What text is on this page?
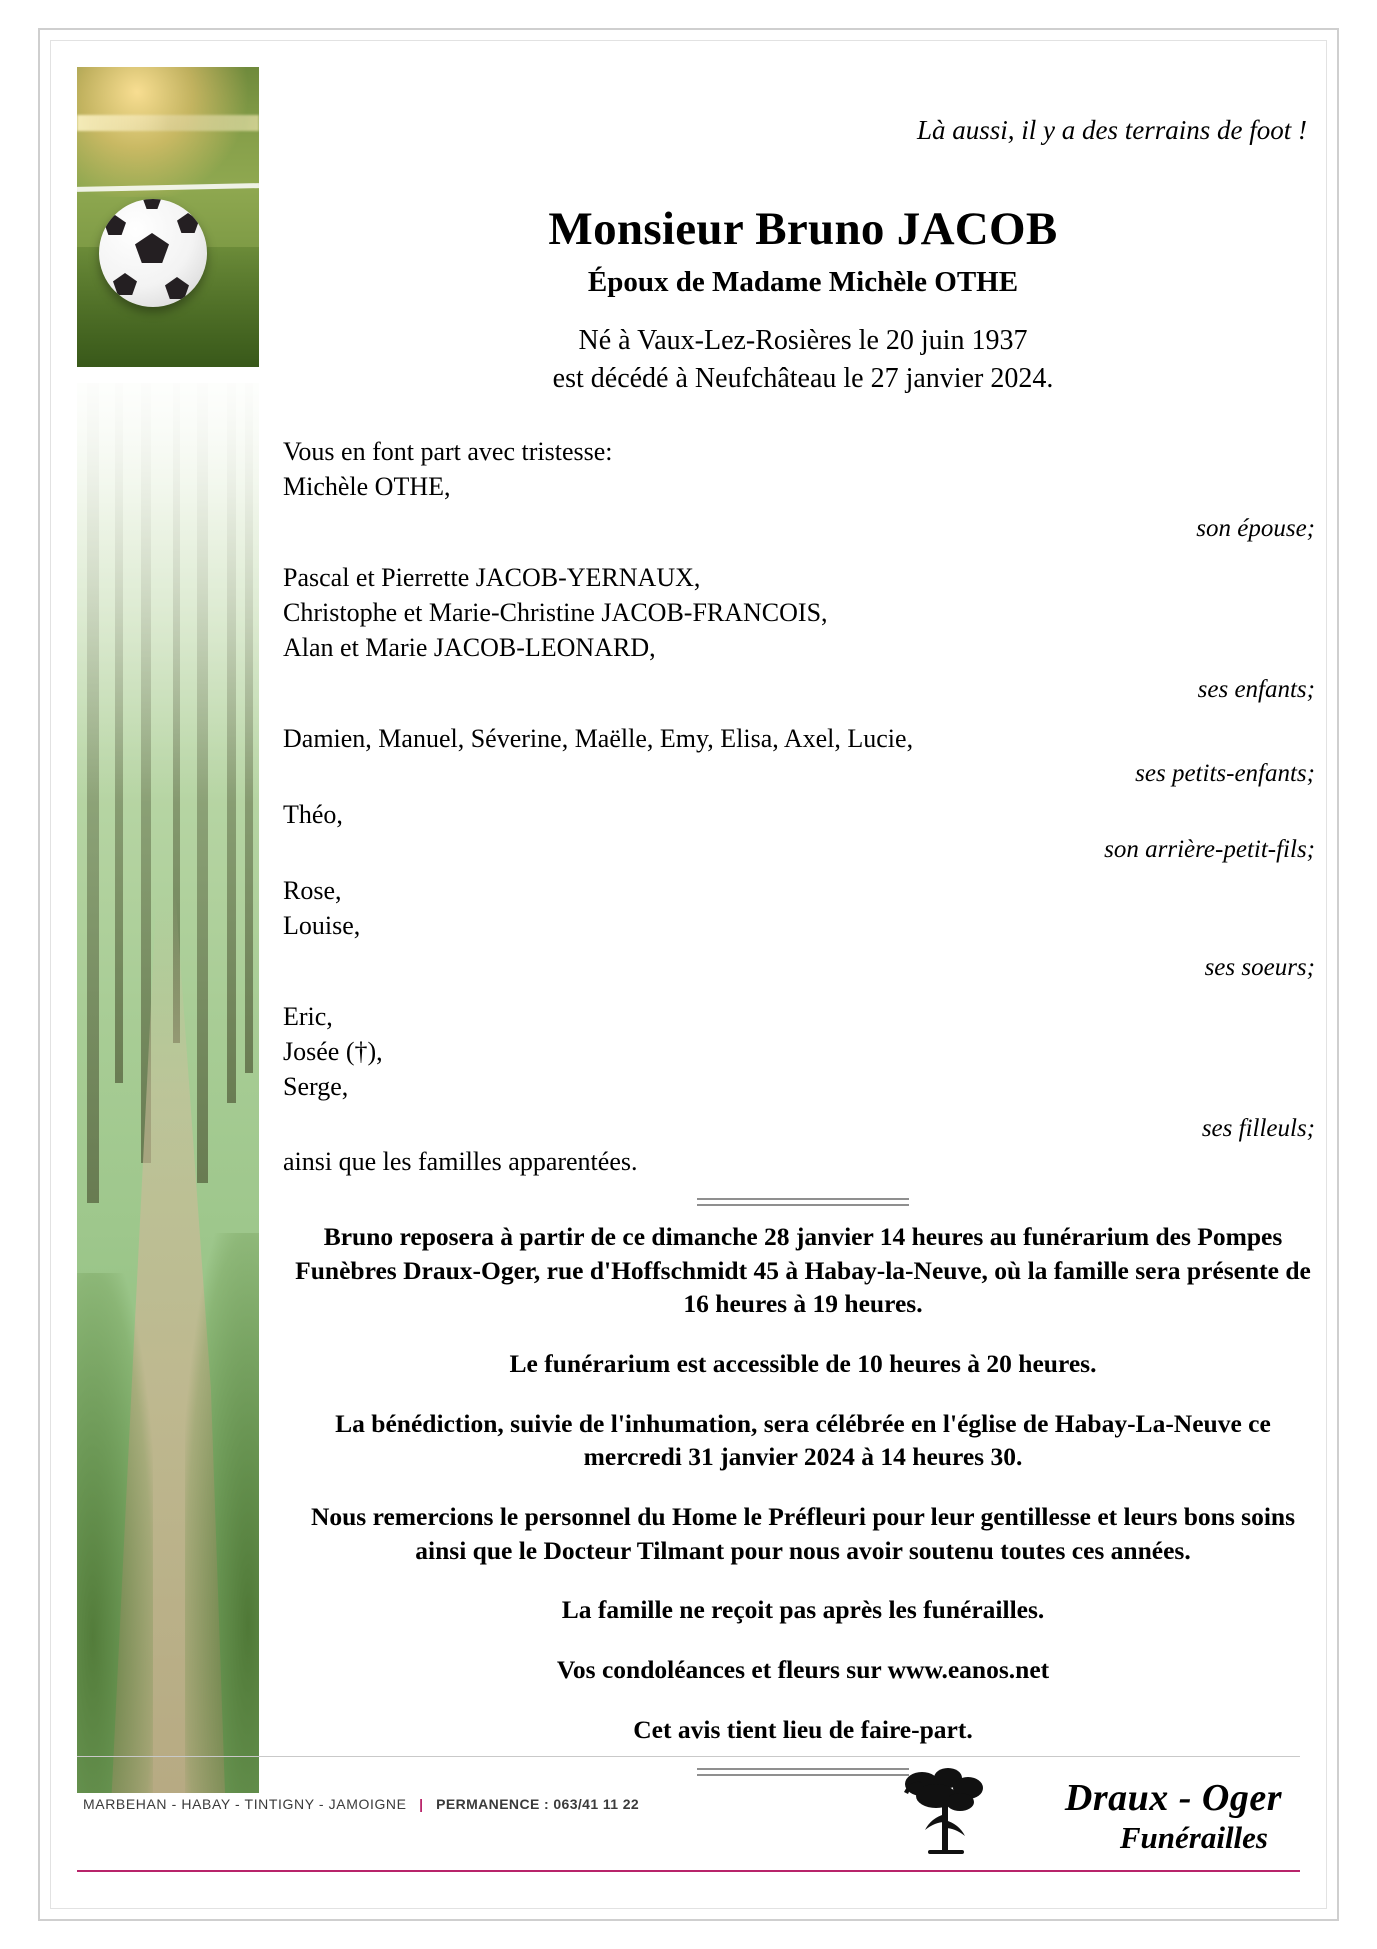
Là aussi, il y a des terrains de foot !
Monsieur Bruno JACOB
Époux de Madame Michèle OTHE
Né à Vaux-Lez-Rosières le 20 juin 1937
est décédé à Neufchâteau le 27 janvier 2024.
Vous en font part avec tristesse:
Michèle OTHE,
son épouse;
Pascal et Pierrette JACOB-YERNAUX,
Christophe et Marie-Christine JACOB-FRANCOIS,
Alan et Marie JACOB-LEONARD,
ses enfants;
Damien, Manuel, Séverine, Maëlle, Emy, Elisa, Axel, Lucie,
ses petits-enfants;
Théo,
son arrière-petit-fils;
Rose,
Louise,
ses soeurs;
Eric,
Josée (†),
Serge,
ses filleuls;
ainsi que les familles apparentées.

Bruno reposera à partir de ce dimanche 28 janvier 14 heures au funérarium des Pompes Funèbres Draux-Oger, rue d'Hoffschmidt 45 à Habay-la-Neuve, où la famille sera présente de 16 heures à 19 heures.

Le funérarium est accessible de 10 heures à 20 heures.

La bénédiction, suivie de l'inhumation, sera célébrée en l'église de Habay-La-Neuve ce mercredi 31 janvier 2024 à 14 heures 30.

Nous remercions le personnel du Home le Préfleuri pour leur gentillesse et leurs bons soins ainsi que le Docteur Tilmant pour nous avoir soutenu toutes ces années.

La famille ne reçoit pas après les funérailles.

Vos condoléances et fleurs sur www.eanos.net

Cet avis tient lieu de faire-part.

MARBEHAN - HABAY - TINTIGNY - JAMOIGNE | PERMANENCE : 063/41 11 22	Draux - Oger
Funérailles
